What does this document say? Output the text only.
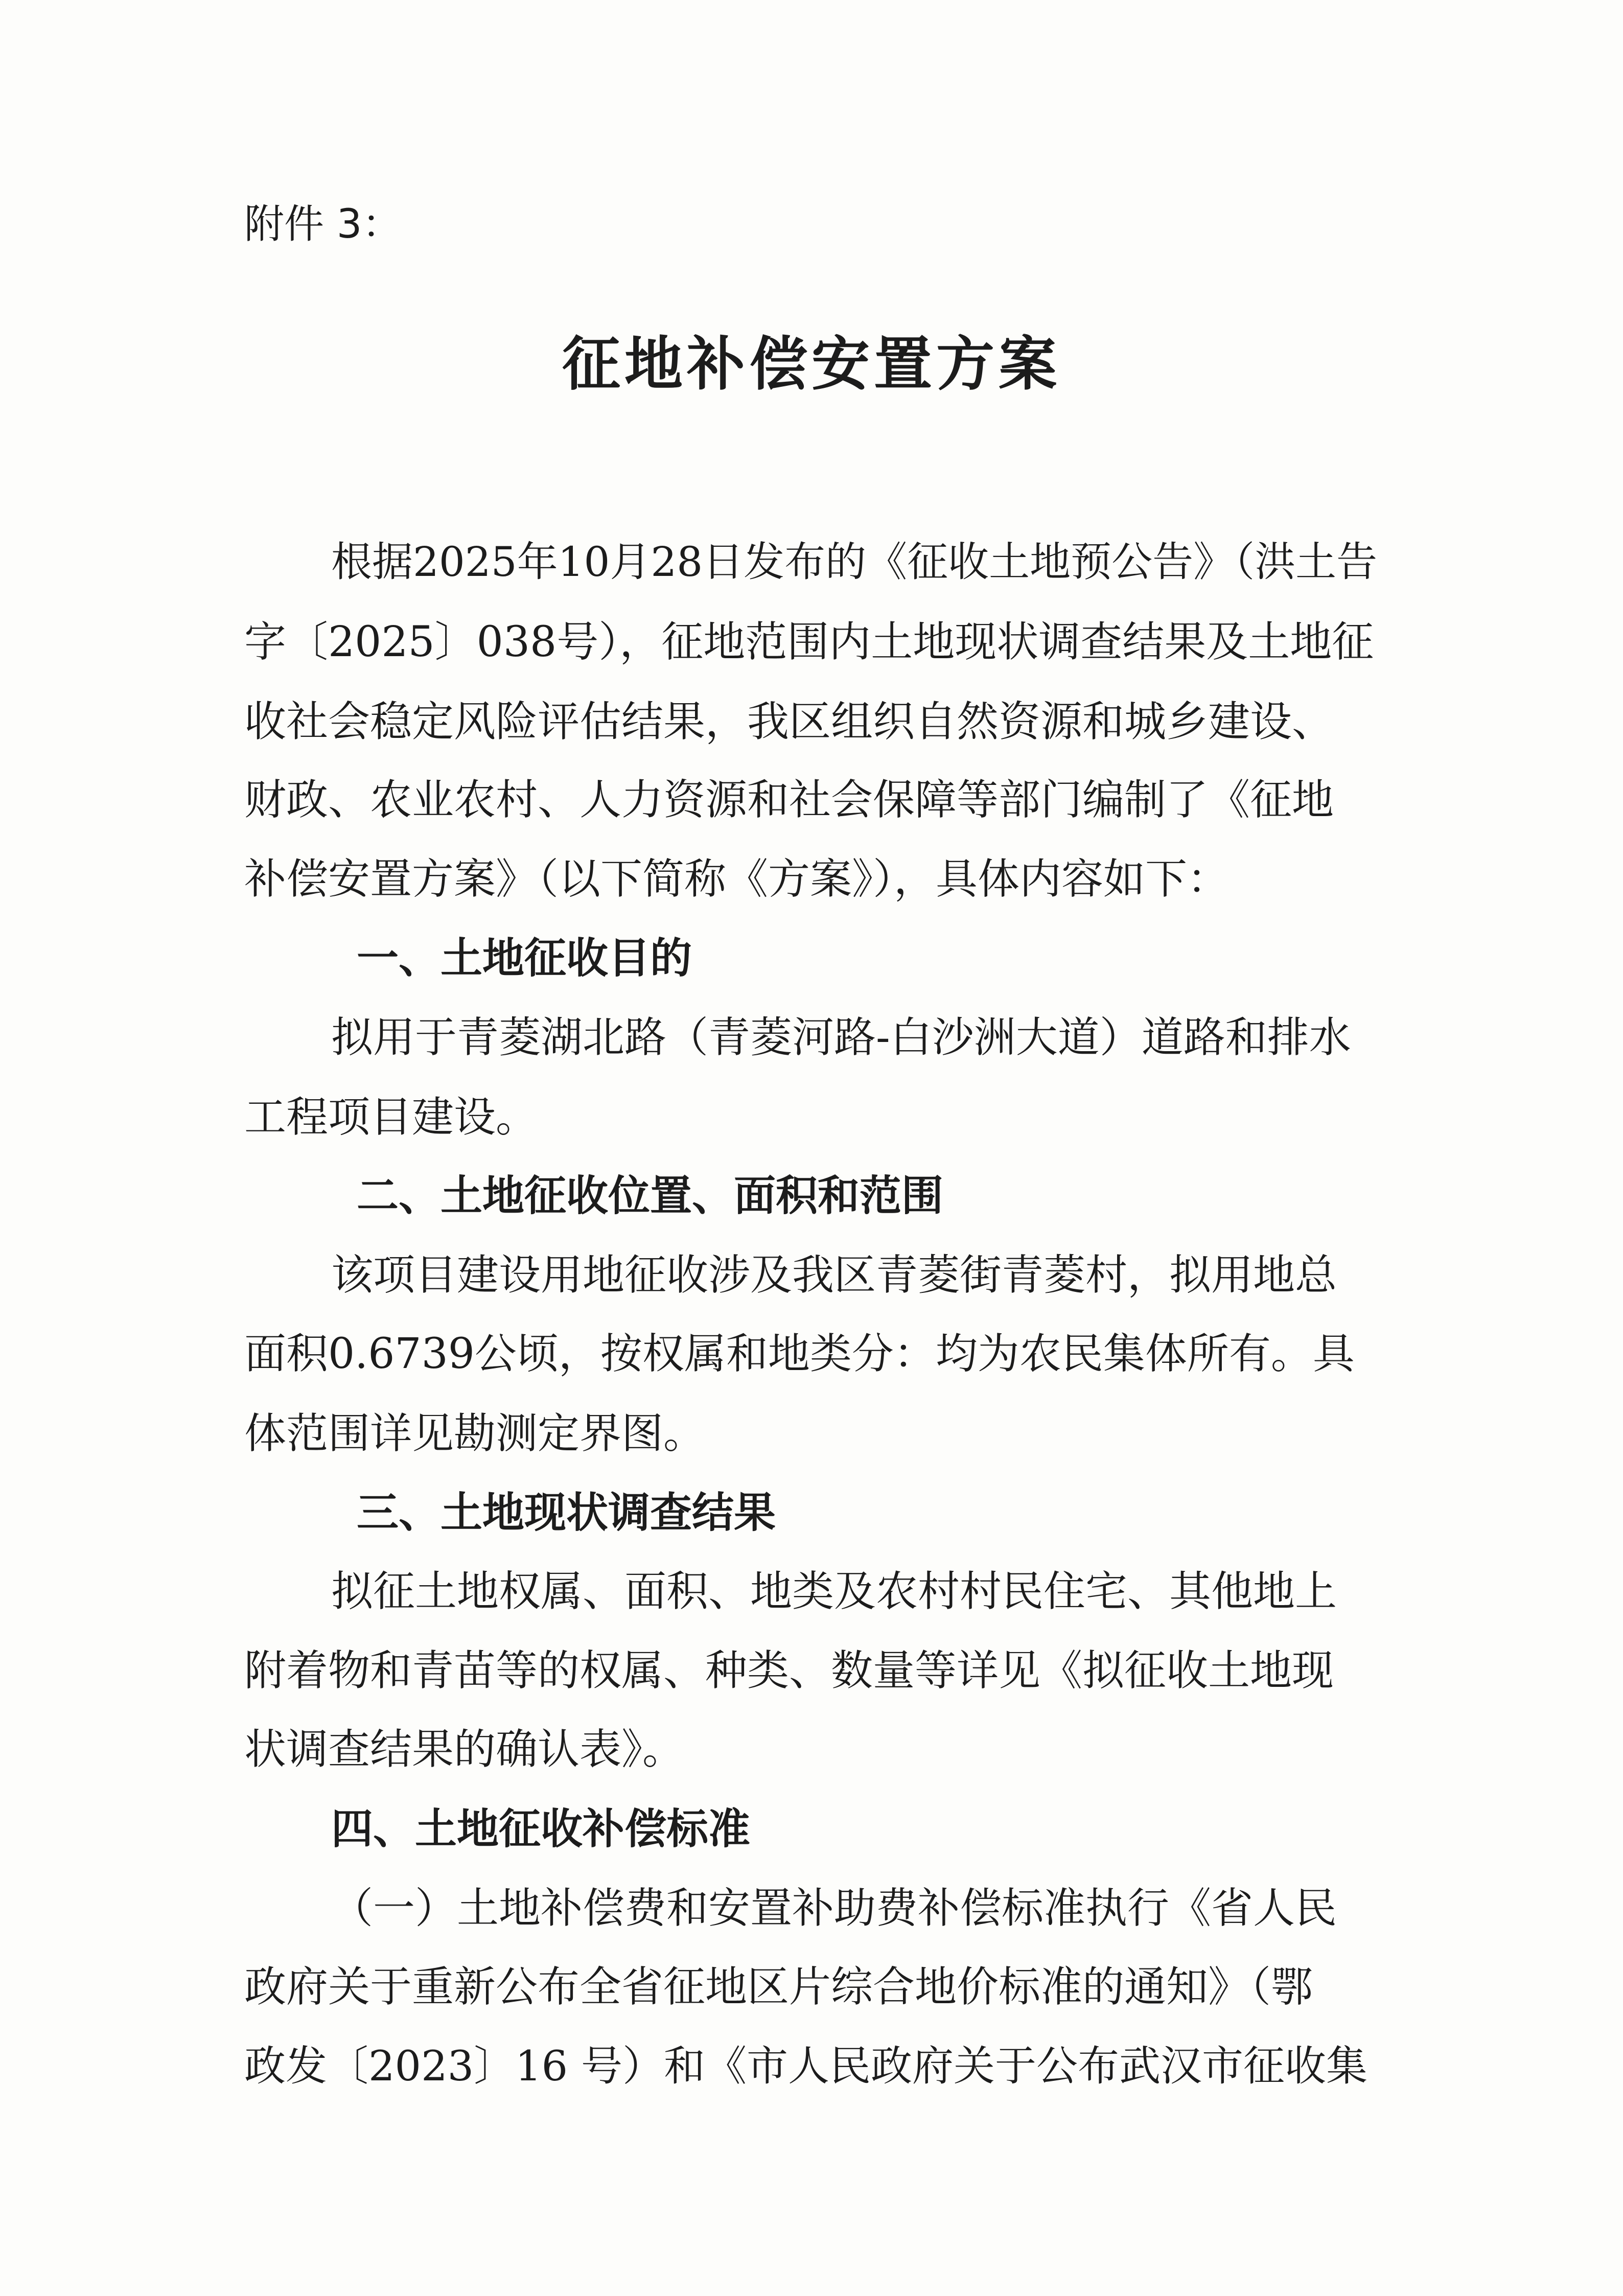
附件 3：

征地补偿安置方案

根据2025年10月28日发布的《征收土地预公告》（洪土告

字〔2025〕038号），征地范围内土地现状调查结果及土地征

收社会稳定风险评估结果，我区组织自然资源和城乡建设、

财政、农业农村、人力资源和社会保障等部门编制了《征地

补偿安置方案》（以下简称《方案》），具体内容如下：

一、土地征收目的

拟用于青菱湖北路（青菱河路-白沙洲大道）道路和排水

工程项目建设。

二、土地征收位置、面积和范围

该项目建设用地征收涉及我区青菱街青菱村，拟用地总

面积0.6739公顷，按权属和地类分：均为农民集体所有。具

体范围详见勘测定界图。

三、土地现状调查结果

拟征土地权属、面积、地类及农村村民住宅、其他地上

附着物和青苗等的权属、种类、数量等详见《拟征收土地现

状调查结果的确认表》。

四、土地征收补偿标准

（一）土地补偿费和安置补助费补偿标准执行《省人民

政府关于重新公布全省征地区片综合地价标准的通知》（鄂

政发〔2023〕16 号）和《市人民政府关于公布武汉市征收集
